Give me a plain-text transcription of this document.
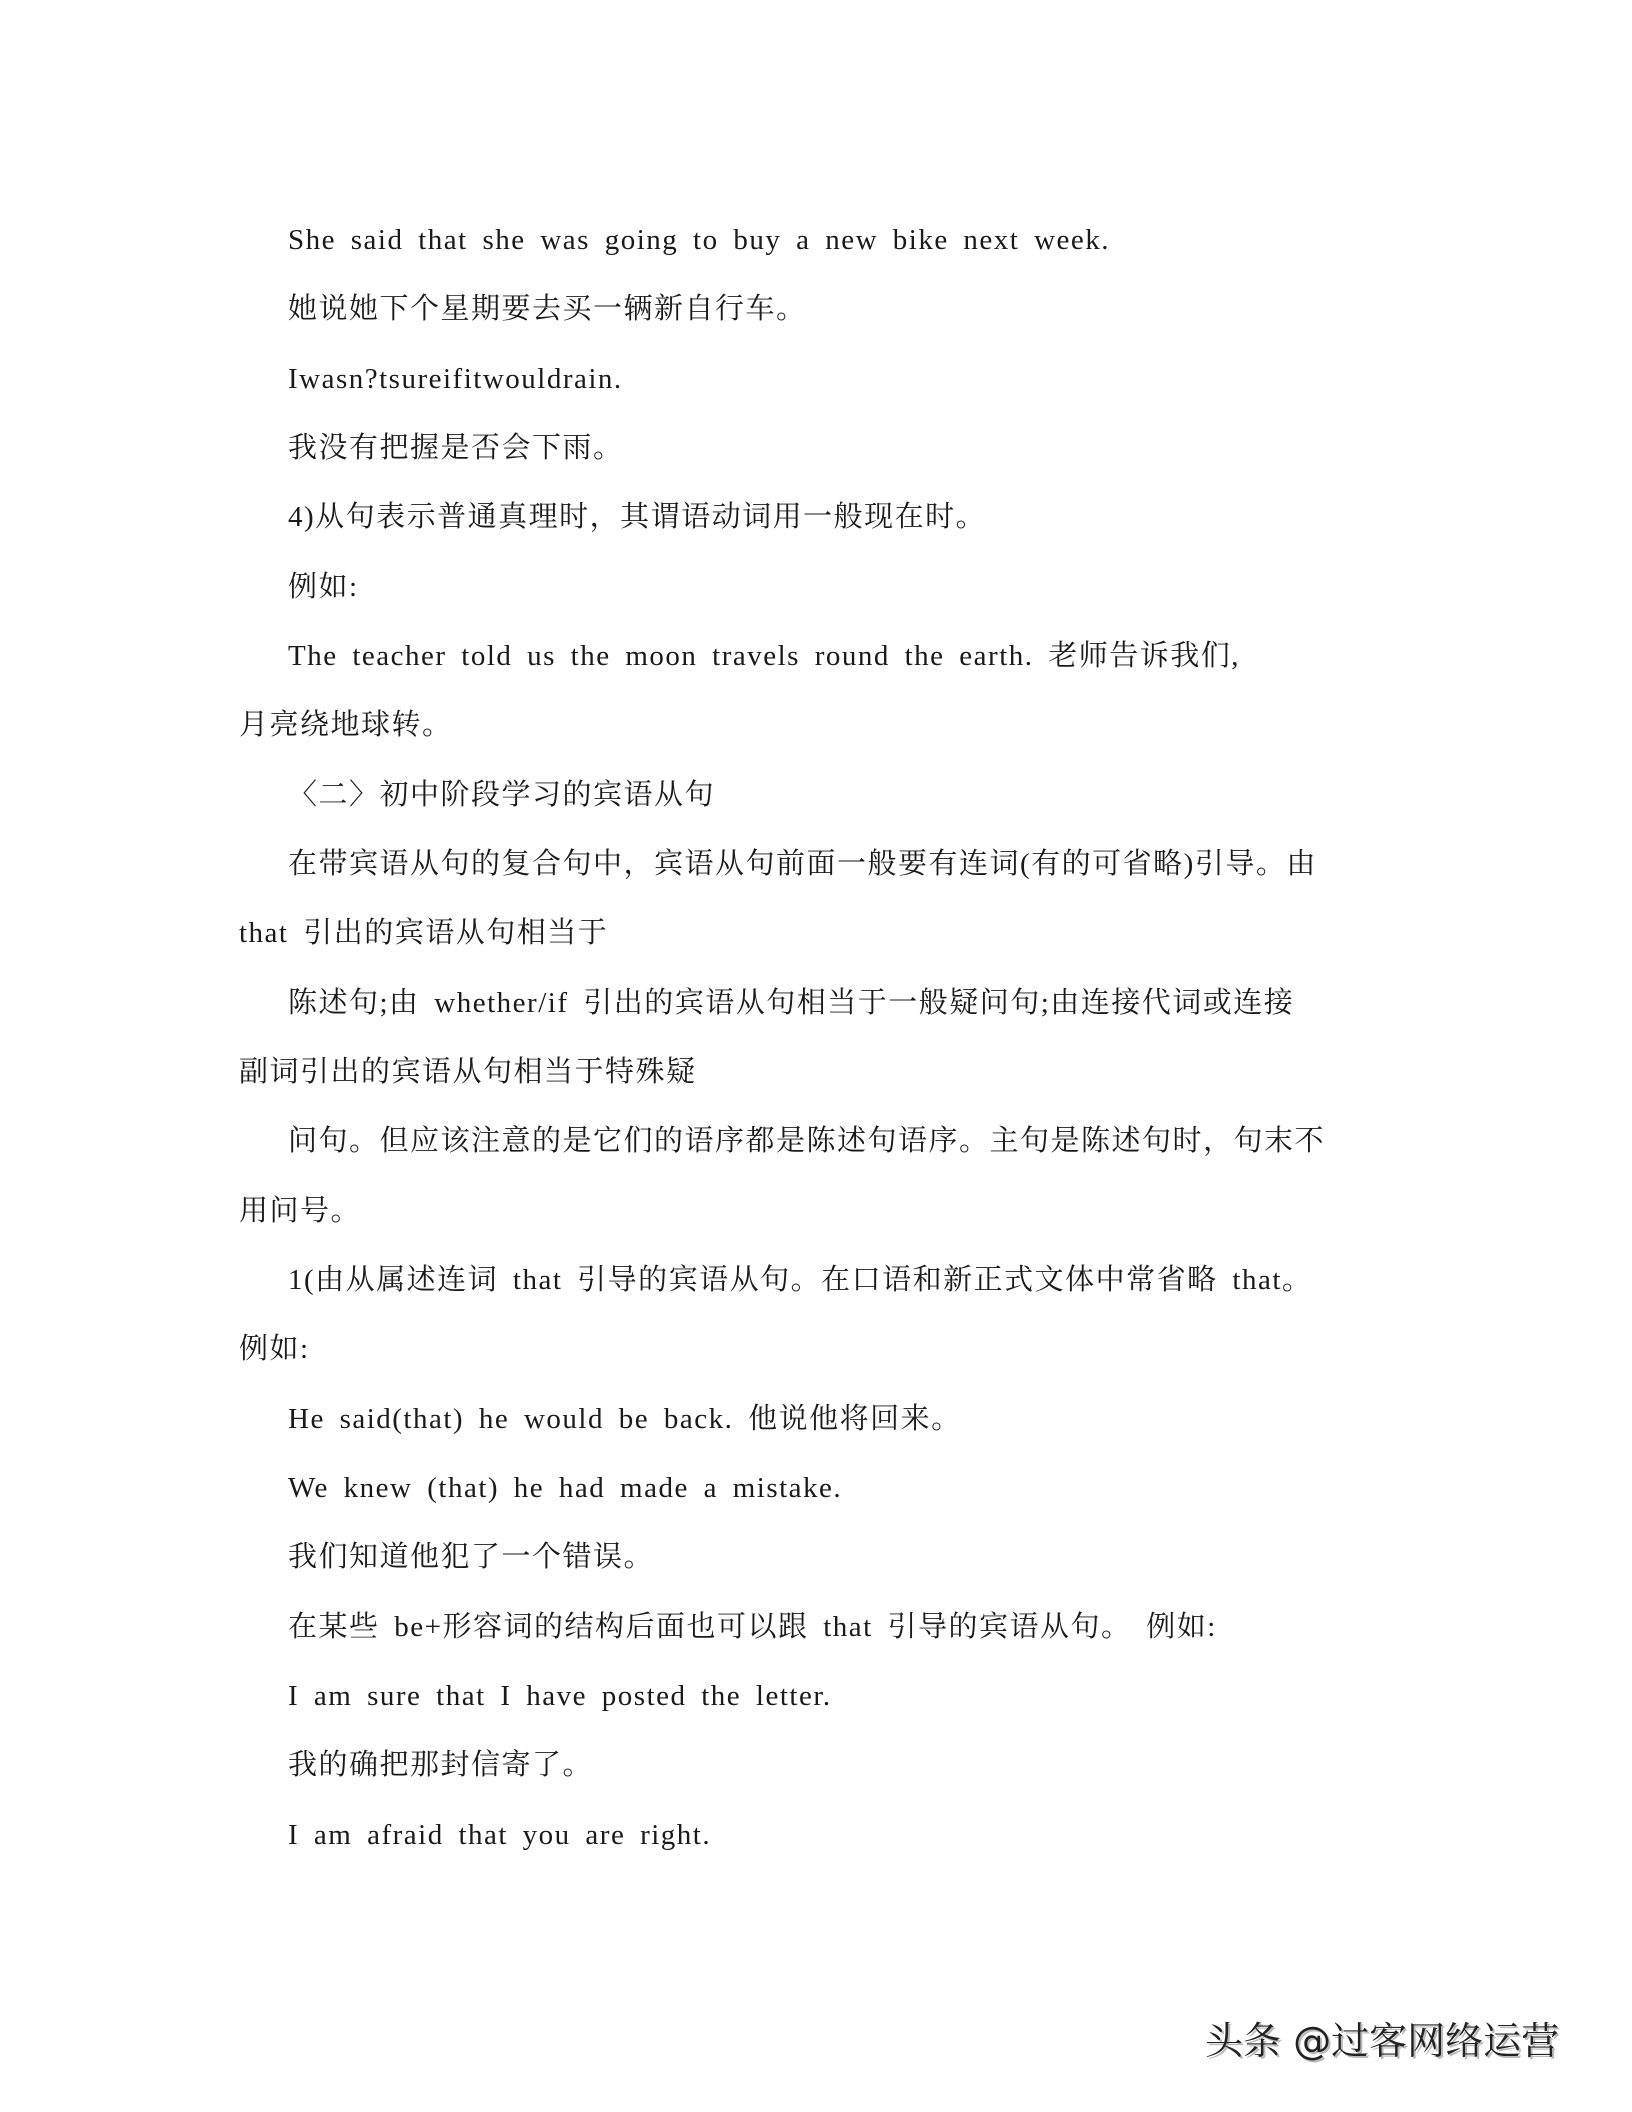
She said that she was going to buy a new bike next week.
她说她下个星期要去买一辆新自行车。
Iwasn?tsureifitwouldrain.
我没有把握是否会下雨。
4)从句表示普通真理时，其谓语动词用一般现在时。
例如:
The teacher told us the moon travels round the earth. 老师告诉我们,
月亮绕地球转。
〈二〉初中阶段学习的宾语从句
在带宾语从句的复合句中，宾语从句前面一般要有连词(有的可省略)引导。由
that 引出的宾语从句相当于
陈述句;由 whether/if 引出的宾语从句相当于一般疑问句;由连接代词或连接
副词引出的宾语从句相当于特殊疑
问句。但应该注意的是它们的语序都是陈述句语序。主句是陈述句时，句末不
用问号。
1(由从属述连词 that 引导的宾语从句。在口语和新正式文体中常省略 that。
例如:
He said(that) he would be back. 他说他将回来。
We knew (that) he had made a mistake.
我们知道他犯了一个错误。
在某些 be+形容词的结构后面也可以跟 that 引导的宾语从句。 例如:
I am sure that I have posted the letter.
我的确把那封信寄了。
I am afraid that you are right.
头条 @过客网络运营
